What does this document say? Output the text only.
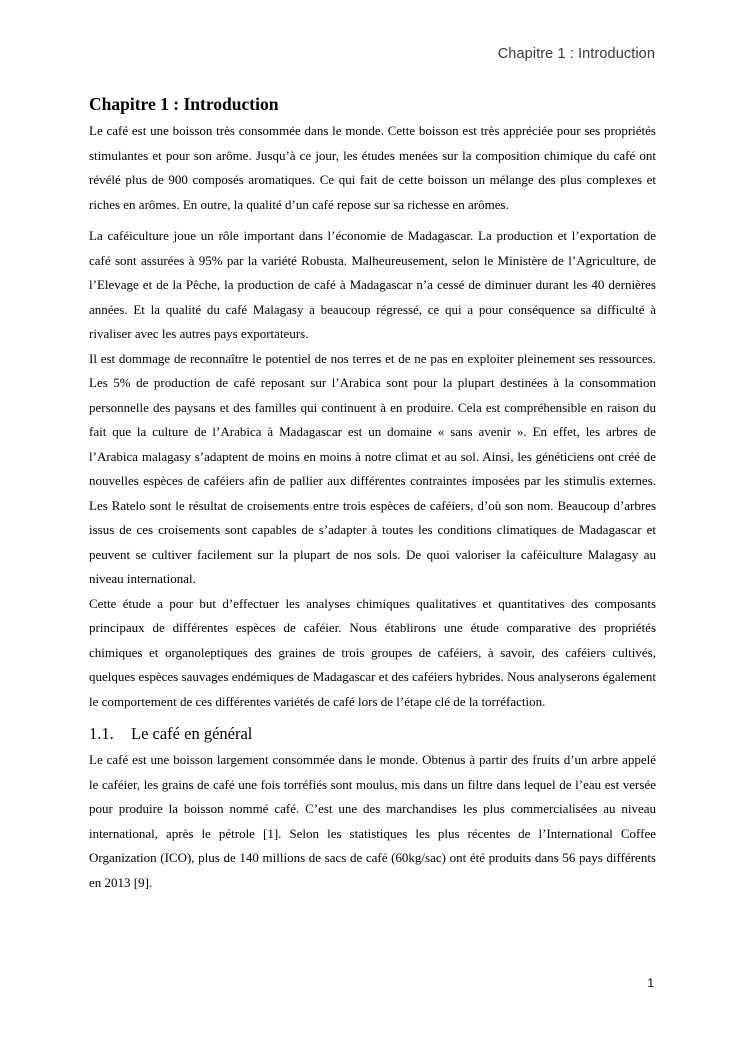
Chapitre 1 : Introduction
Chapitre 1 : Introduction

Le café est une boisson très consommée dans le monde. Cette boisson est très appréciée pour ses propriétés stimulantes et pour son arôme. Jusqu’à ce jour, les études menées sur la composition chimique du café ont révélé plus de 900 composés aromatiques. Ce qui fait de cette boisson un mélange des plus complexes et riches en arômes. En outre, la qualité d’un café repose sur sa richesse en arômes.

La caféiculture joue un rôle important dans l’économie de Madagascar. La production et l’exportation de café sont assurées à 95% par la variété Robusta. Malheureusement, selon le Ministère de l’Agriculture, de l’Elevage et de la Pêche, la production de café à Madagascar n’a cessé de diminuer durant les 40 dernières années. Et la qualité du café Malagasy a beaucoup régressé, ce qui a pour conséquence sa difficulté à rivaliser avec les autres pays exportateurs.

Il est dommage de reconnaître le potentiel de nos terres et de ne pas en exploiter pleinement ses ressources. Les 5% de production de café reposant sur l’Arabica sont pour la plupart destinées à la consommation personnelle des paysans et des familles qui continuent à en produire. Cela est compréhensible en raison du fait que la culture de l’Arabica à Madagascar est un domaine « sans avenir ». En effet, les arbres de l’Arabica malagasy s’adaptent de moins en moins à notre climat et au sol. Ainsi, les généticiens ont créé de nouvelles espèces de caféiers afin de pallier aux différentes contraintes imposées par les stimulis externes. Les Ratelo sont le résultat de croisements entre trois espèces de caféiers, d’où son nom. Beaucoup d’arbres issus de ces croisements sont capables de s’adapter à toutes les conditions climatiques de Madagascar et peuvent se cultiver facilement sur la plupart de nos sols. De quoi valoriser la caféiculture Malagasy au niveau international.

Cette étude a pour but d’effectuer les analyses chimiques qualitatives et quantitatives des composants principaux de différentes espèces de caféier. Nous établirons une étude comparative des propriétés chimiques et organoleptiques des graines de trois groupes de caféiers, à savoir, des caféiers cultivés, quelques espèces sauvages endémiques de Madagascar et des caféiers hybrides. Nous analyserons également le comportement de ces différentes variétés de café lors de l’étape clé de la torréfaction.

1.1. Le café en général

Le café est une boisson largement consommée dans le monde. Obtenus à partir des fruits d’un arbre appelé le caféier, les grains de café une fois torréfiés sont moulus, mis dans un filtre dans lequel de l’eau est versée pour produire la boisson nommé café. C’est une des marchandises les plus commercialisées au niveau international, après le pétrole [1]. Selon les statistiques les plus récentes de l’International Coffee Organization (ICO), plus de 140 millions de sacs de café (60kg/sac) ont été produits dans 56 pays différents en 2013 [9].

1
